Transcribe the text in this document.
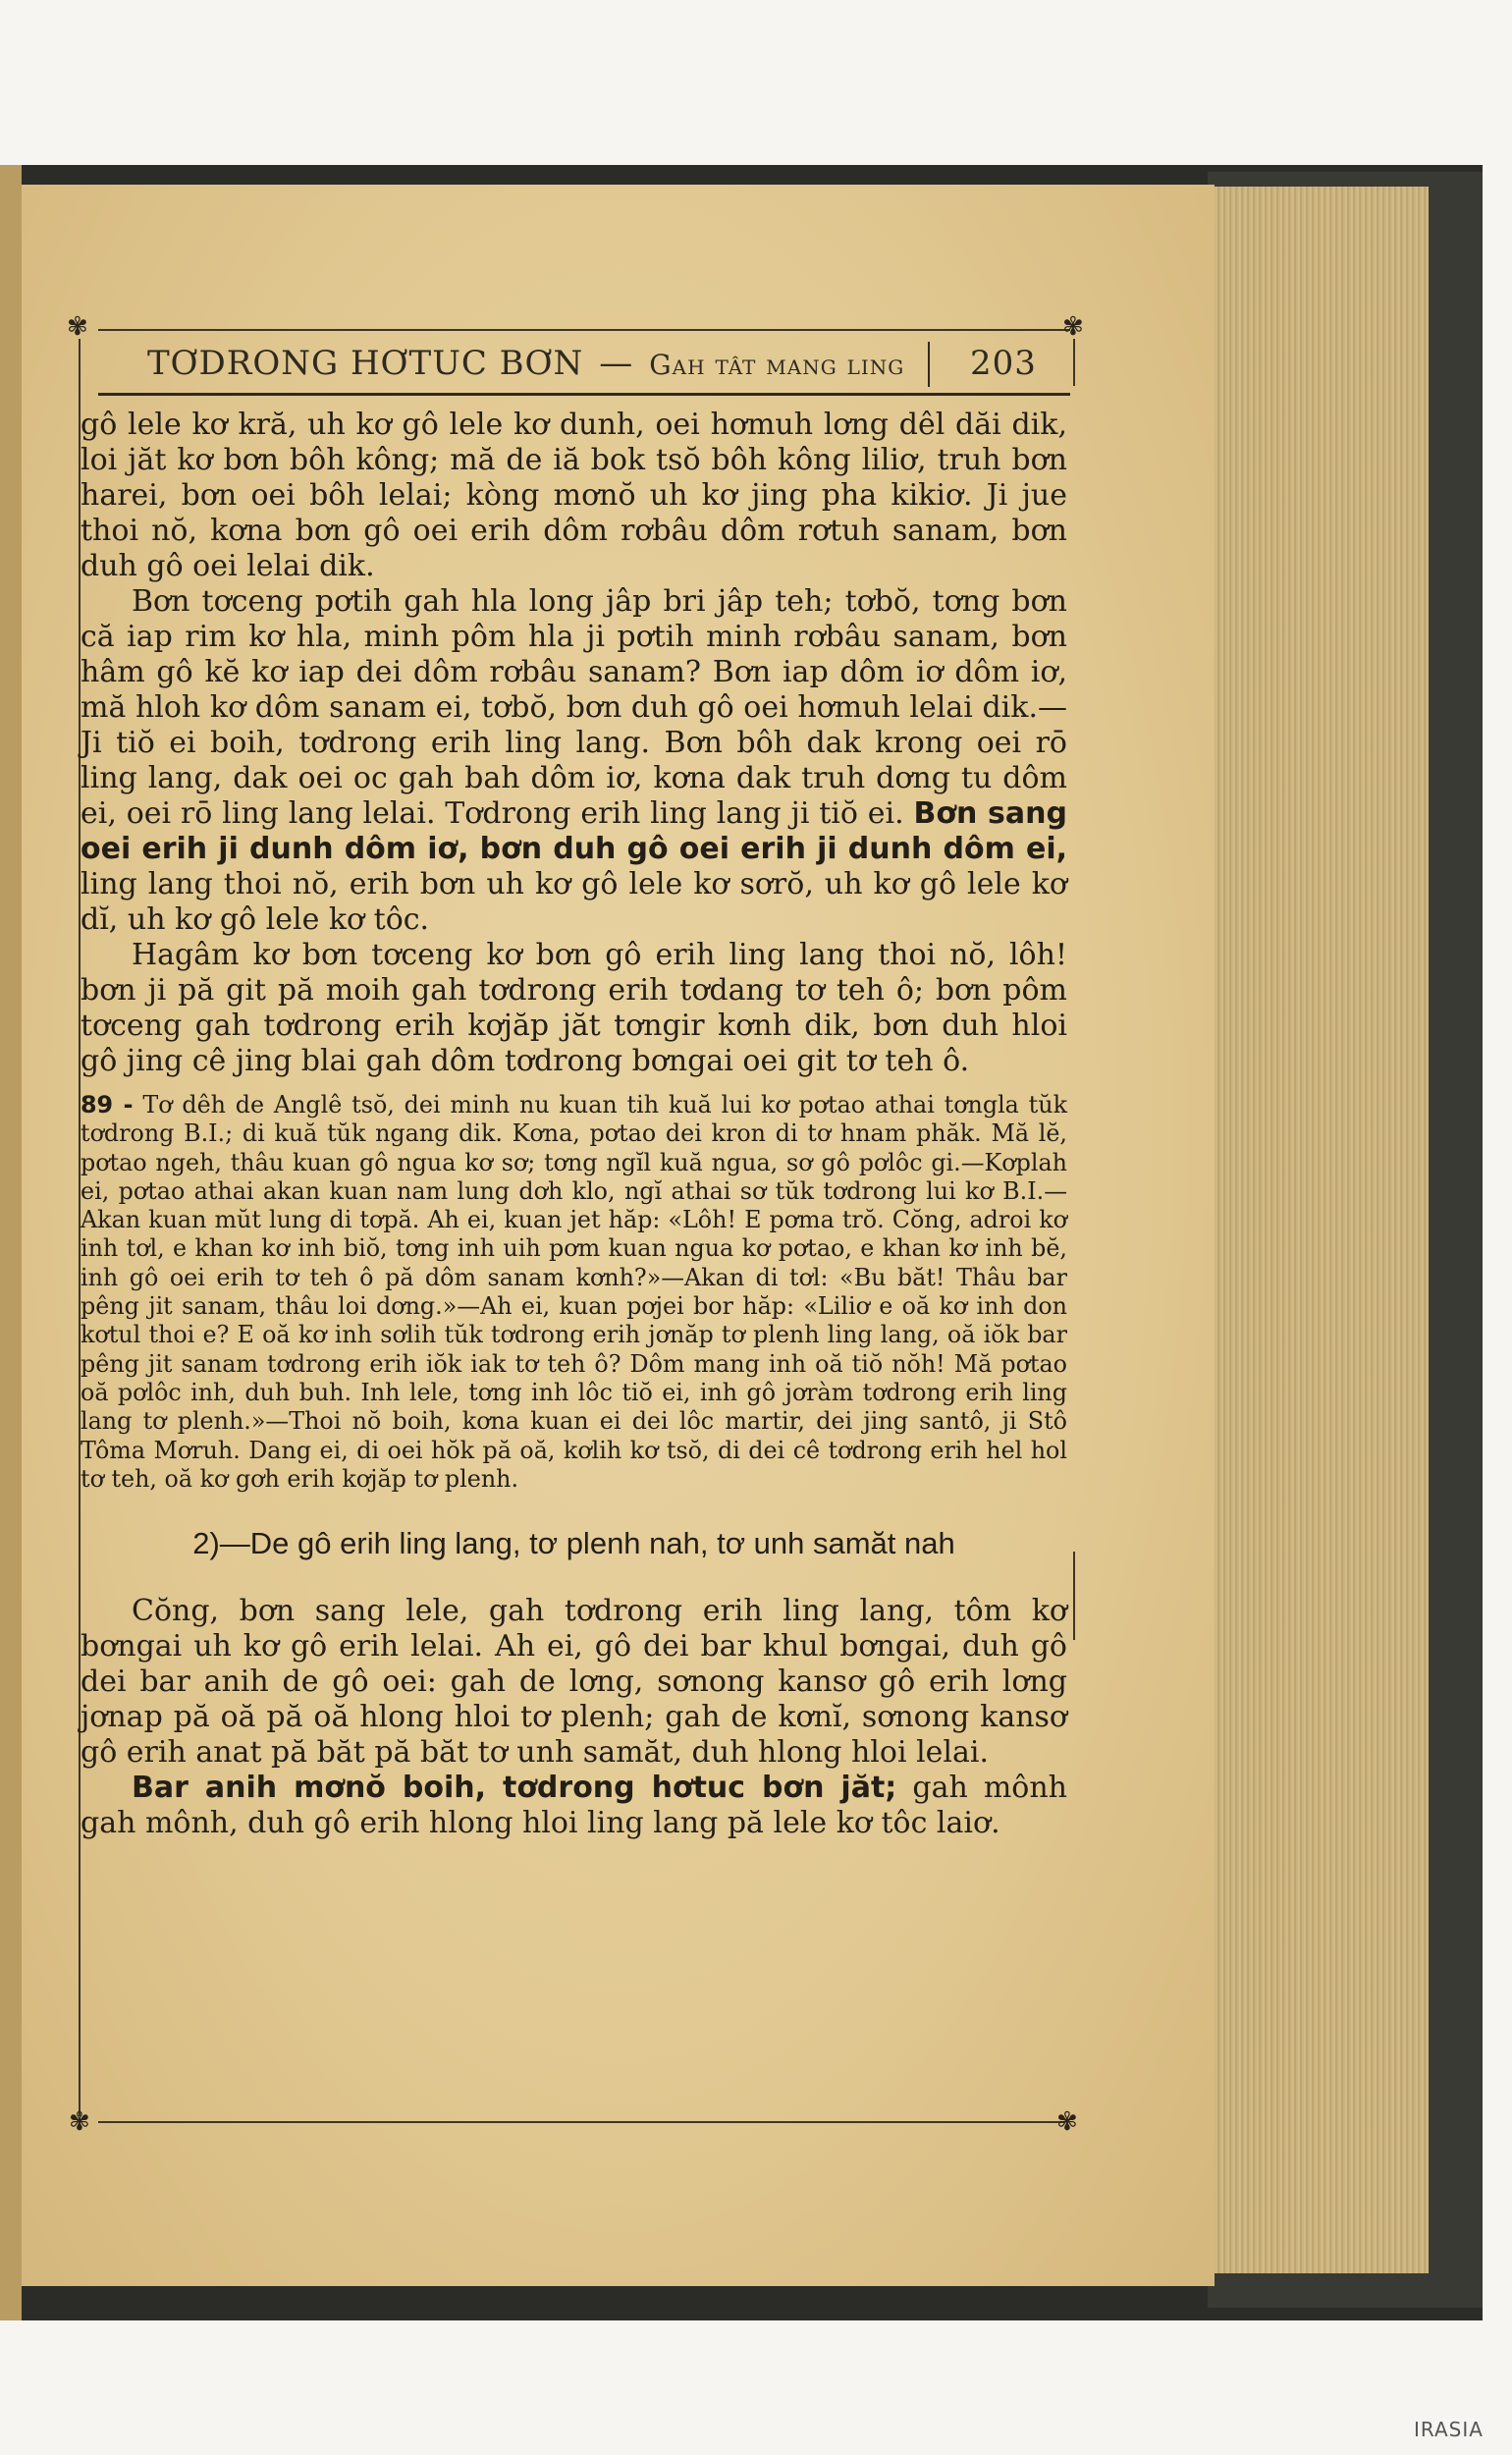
✾	✾
✾	✾
TƠDRONG HƠTUC BƠN — Gah tât mang ling 203

gô lele kơ kră, uh kơ gô lele kơ dunh, oei hơmuh lơng dêl dăi dik, loi jăt kơ bơn bôh kông; mă de iă bok tsŏ bôh kông liliơ, truh bơn harei, bơn oei bôh lelai; kòng mơnŏ uh kơ jing pha kikiơ. Ji jue thoi nŏ, kơna bơn gô oei erih dôm rơbâu dôm rơtuh sanam, bơn duh gô oei lelai dik.

Bơn tơceng pơtih gah hla long jâp bri jâp teh; tơbŏ, tơng bơn că iap rim kơ hla, minh pôm hla ji pơtih minh rơbâu sanam, bơn hâm gô kĕ kơ iap dei dôm rơbâu sanam? Bơn iap dôm iơ dôm iơ, mă hloh kơ dôm sanam ei, tơbŏ, bơn duh gô oei hơmuh lelai dik.—Ji tiŏ ei boih, tơdrong erih ling lang. Bơn bôh dak krong oei rō ling lang, dak oei oc gah bah dôm iơ, kơna dak truh dơng tu dôm ei, oei rō ling lang lelai. Tơdrong erih ling lang ji tiŏ ei. Bơn sang oei erih ji dunh dôm iơ, bơn duh gô oei erih ji dunh dôm ei, ling lang thoi nŏ, erih bơn uh kơ gô lele kơ sơrŏ, uh kơ gô lele kơ dĭ, uh kơ gô lele kơ tôc.

Hagâm kơ bơn tơceng kơ bơn gô erih ling lang thoi nŏ, lôh! bơn ji pă git pă moih gah tơdrong erih tơdang tơ teh ô; bơn pôm tơceng gah tơdrong erih kơjăp jăt tơngir kơnh dik, bơn duh hloi gô jing cê jing blai gah dôm tơdrong bơngai oei git tơ teh ô.

89 - Tơ dêh de Anglê tsŏ, dei minh nu kuan tih kuă lui kơ pơtao athai tơngla tŭk tơdrong B.I.; di kuă tŭk ngang dik. Kơna, pơtao dei kron di tơ hnam phăk. Mă lĕ, pơtao ngeh, thâu kuan gô ngua kơ sơ; tơng ngĭl kuă ngua, sơ gô pơlôc gi.—Kơplah ei, pơtao athai akan kuan nam lung dơh klo, ngĭ athai sơ tŭk tơdrong lui kơ B.I.—Akan kuan mŭt lung di tơpă. Ah ei, kuan jet hăp: «Lôh! E pơma trŏ. Cŏng, adroi kơ inh tơl, e khan kơ inh biŏ, tơng inh uih pơm kuan ngua kơ pơtao, e khan kơ inh bĕ, inh gô oei erih tơ teh ô pă dôm sanam kơnh?»—Akan di tơl: «Bu băt! Thâu bar pêng jit sanam, thâu loi dơng.»—Ah ei, kuan pơjei bor hăp: «Liliơ e oă kơ inh don kơtul thoi e? E oă kơ inh sơlih tŭk tơdrong erih jơnăp tơ plenh ling lang, oă iŏk bar pêng jit sanam tơdrong erih iŏk iak tơ teh ô? Dôm mang inh oă tiŏ nŏh! Mă pơtao oă pơlôc inh, duh buh. Inh lele, tơng inh lôc tiŏ ei, inh gô jơràm tơdrong erih ling lang tơ plenh.»—Thoi nŏ boih, kơna kuan ei dei lôc martir, dei jing santô, ji Stô Tôma Mơruh. Dang ei, di oei hŏk pă oă, kơlih kơ tsŏ, di dei cê tơdrong erih hel hol tơ teh, oă kơ gơh erih kơjăp tơ plenh.

2)—De gô erih ling lang, tơ plenh nah, tơ unh samăt nah

Cŏng, bơn sang lele, gah tơdrong erih ling lang, tôm kơ bơngai uh kơ gô erih lelai. Ah ei, gô dei bar khul bơngai, duh gô dei bar anih de gô oei: gah de lơng, sơnong kansơ gô erih lơng jơnap pă oă pă oă hlong hloi tơ plenh; gah de kơnĭ, sơnong kansơ gô erih anat pă băt pă băt tơ unh samăt, duh hlong hloi lelai.

Bar anih mơnŏ boih, tơdrong hơtuc bơn jăt; gah mônh gah mônh, duh gô erih hlong hloi ling lang pă lele kơ tôc laiơ.

IRASIA
